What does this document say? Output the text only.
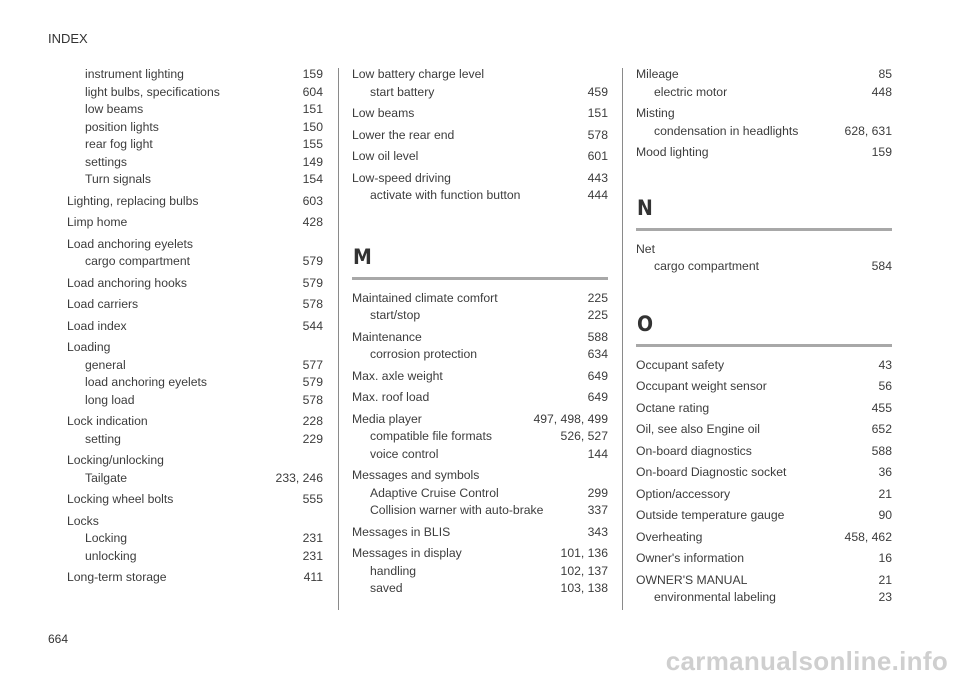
INDEX
instrument lighting	159
light bulbs, specifications	604
low beams	151
position lights	150
rear fog light	155
settings	149
Turn signals	154
Lighting, replacing bulbs	603
Limp home	428
Load anchoring eyelets
cargo compartment	579
Load anchoring hooks	579
Load carriers	578
Load index	544
Loading
general	577
load anchoring eyelets	579
long load	578
Lock indication	228
setting	229
Locking/unlocking
Tailgate	233, 246
Locking wheel bolts	555
Locks
Locking	231
unlocking	231
Long-term storage	411
Low battery charge level
start battery	459
Low beams	151
Lower the rear end	578
Low oil level	601
Low-speed driving	443
activate with function button	444
M
Maintained climate comfort	225
start/stop	225
Maintenance	588
corrosion protection	634
Max. axle weight	649
Max. roof load	649
Media player	497, 498, 499
compatible file formats	526, 527
voice control	144
Messages and symbols
Adaptive Cruise Control	299
Collision warner with auto-brake	337
Messages in BLIS	343
Messages in display	101, 136
handling	102, 137
saved	103, 138
Mileage	85
electric motor	448
Misting
condensation in headlights	628, 631
Mood lighting	159
N
Net
cargo compartment	584
O
Occupant safety	43
Occupant weight sensor	56
Octane rating	455
Oil, see also Engine oil	652
On-board diagnostics	588
On-board Diagnostic socket	36
Option/accessory	21
Outside temperature gauge	90
Overheating	458, 462
Owner's information	16
OWNER'S MANUAL	21
environmental labeling	23
664
carmanualsonline.info
